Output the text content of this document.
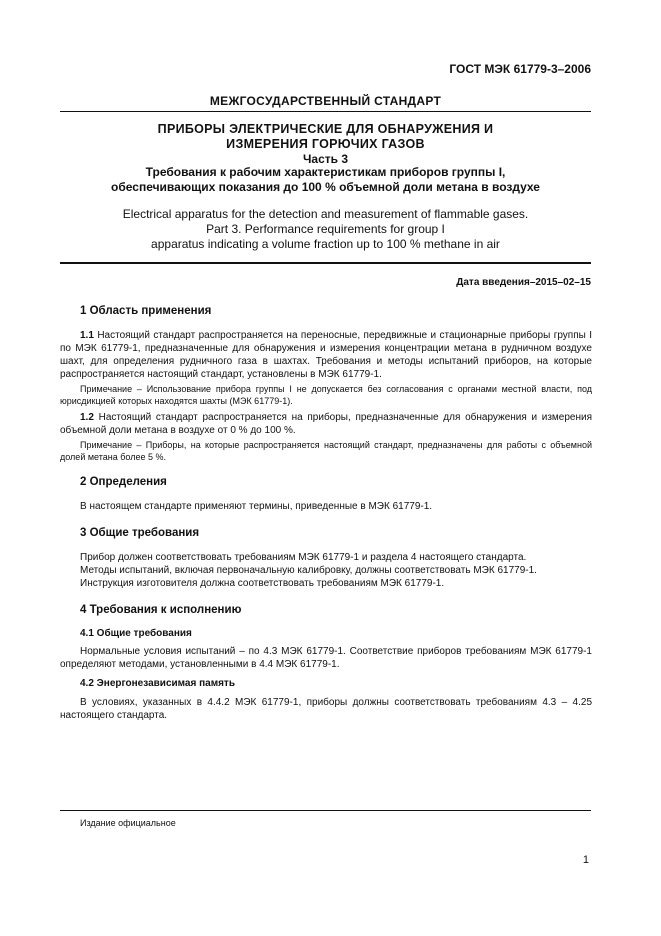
ГОСТ МЭК 61779-3–2006
МЕЖГОСУДАРСТВЕННЫЙ СТАНДАРТ
ПРИБОРЫ ЭЛЕКТРИЧЕСКИЕ ДЛЯ ОБНАРУЖЕНИЯ И
ИЗМЕРЕНИЯ ГОРЮЧИХ ГАЗОВ
Часть 3
Требования к рабочим характеристикам приборов группы I,
обеспечивающих показания до 100 % объемной доли метана в воздухе
Electrical apparatus for the detection and measurement of flammable gases.
Part 3. Performance requirements for group I
apparatus indicating a volume fraction up to 100 % methane in air
Дата введения–2015–02–15
1 Область применения
1.1 Настоящий стандарт распространяется на переносные, передвижные и стационарные приборы группы I по МЭК 61779-1, предназначенные для обнаружения и измерения концентрации метана в рудничном воздухе шахт, для определения рудничного газа в шахтах. Требования и методы испытаний приборов, на которые распространяется настоящий стандарт, установлены в МЭК 61779-1.
Примечание – Использование прибора группы I не допускается без согласования с органами местной власти, под юрисдикцией которых находятся шахты (МЭК 61779-1).
1.2 Настоящий стандарт распространяется на приборы, предназначенные для обнаружения и измерения объемной доли метана в воздухе от 0 % до 100 %.
Примечание – Приборы, на которые распространяется настоящий стандарт, предназначены для работы с объемной долей метана более 5 %.
2 Определения
В настоящем стандарте применяют термины, приведенные в МЭК 61779-1.
3 Общие требования
Прибор должен соответствовать требованиям МЭК 61779-1 и раздела 4 настоящего стандарта.
Методы испытаний, включая первоначальную калибровку, должны соответствовать МЭК 61779-1.
Инструкция изготовителя должна соответствовать требованиям МЭК 61779-1.
4 Требования к исполнению
4.1 Общие требования
Нормальные условия испытаний – по 4.3 МЭК 61779-1. Соответствие приборов требованиям МЭК 61779-1 определяют методами, установленными в 4.4 МЭК 61779-1.
4.2 Энергонезависимая память
В условиях, указанных в 4.4.2 МЭК 61779-1, приборы должны соответствовать требованиям 4.3 – 4.25 настоящего стандарта.
Издание официальное
1
